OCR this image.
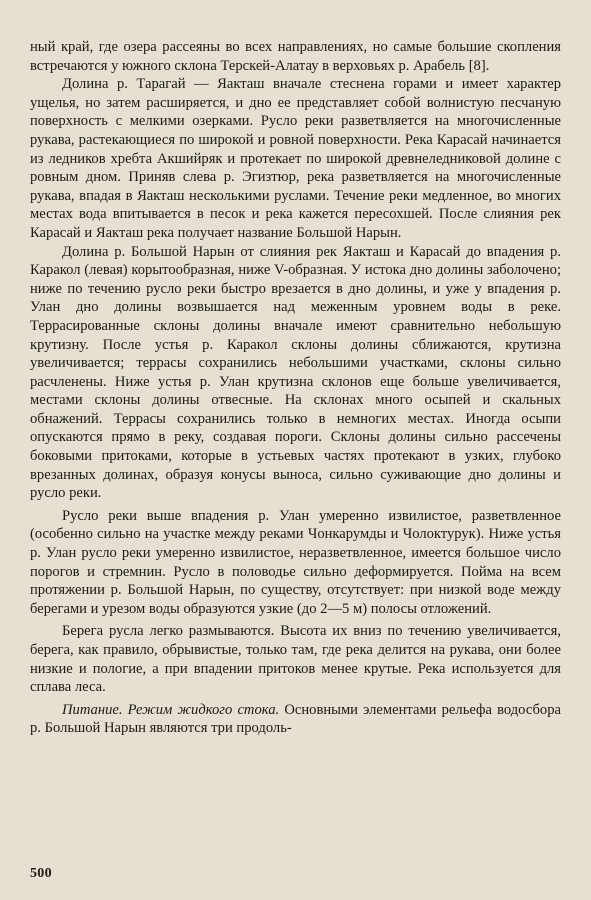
ный край, где озера рассеяны во всех направлениях, но самые большие скопления встречаются у южного склона Терскей-Алатау в верховьях р. Арабель [8].

Долина р. Тарагай — Яакташ вначале стеснена горами и имеет характер ущелья, но затем расширяется, и дно ее представляет собой волнистую песчаную поверхность с мелкими озерками. Русло реки разветвляется на многочисленные рукава, растекающиеся по широкой и ровной поверхности. Река Карасай начинается из ледников хребта Акшийряк и протекает по широкой древнеледниковой долине с ровным дном. Приняв слева р. Эгизтюр, река разветвляется на многочисленные рукава, впадая в Яакташ несколькими руслами. Течение реки медленное, во многих местах вода впитывается в песок и река кажется пересохшей. После слияния рек Карасай и Яакташ река получает название Большой Нарын.

Долина р. Большой Нарын от слияния рек Яакташ и Карасай до впадения р. Каракол (левая) корытообразная, ниже V-образная. У истока дно долины заболочено; ниже по течению русло реки быстро врезается в дно долины, и уже у впадения р. Улан дно долины возвышается над меженным уровнем воды в реке. Террасированные склоны долины вначале имеют сравнительно небольшую крутизну. После устья р. Каракол склоны долины сближаются, крутизна увеличивается; террасы сохранились небольшими участками, склоны сильно расчленены. Ниже устья р. Улан крутизна склонов еще больше увеличивается, местами склоны долины отвесные. На склонах много осыпей и скальных обнажений. Террасы сохранились только в немногих местах. Иногда осыпи опускаются прямо в реку, создавая пороги. Склоны долины сильно рассечены боковыми притоками, которые в устьевых частях протекают в узких, глубоко врезанных долинах, образуя конусы выноса, сильно суживающие дно долины и русло реки.

Русло реки выше впадения р. Улан умеренно извилистое, разветвленное (особенно сильно на участке между реками Чонкарумды и Чолоктурук). Ниже устья р. Улан русло реки умеренно извилистое, неразветвленное, имеется большое число порогов и стремнин. Русло в половодье сильно деформируется. Пойма на всем протяжении р. Большой Нарын, по существу, отсутствует: при низкой воде между берегами и урезом воды образуются узкие (до 2—5 м) полосы отложений.

Берега русла легко размываются. Высота их вниз по течению увеличивается, берега, как правило, обрывистые, только там, где река делится на рукава, они более низкие и пологие, а при впадении притоков менее крутые. Река используется для сплава леса.

Питание. Режим жидкого стока. Основными элементами рельефа водосбора р. Большой Нарын являются три продоль-

500
